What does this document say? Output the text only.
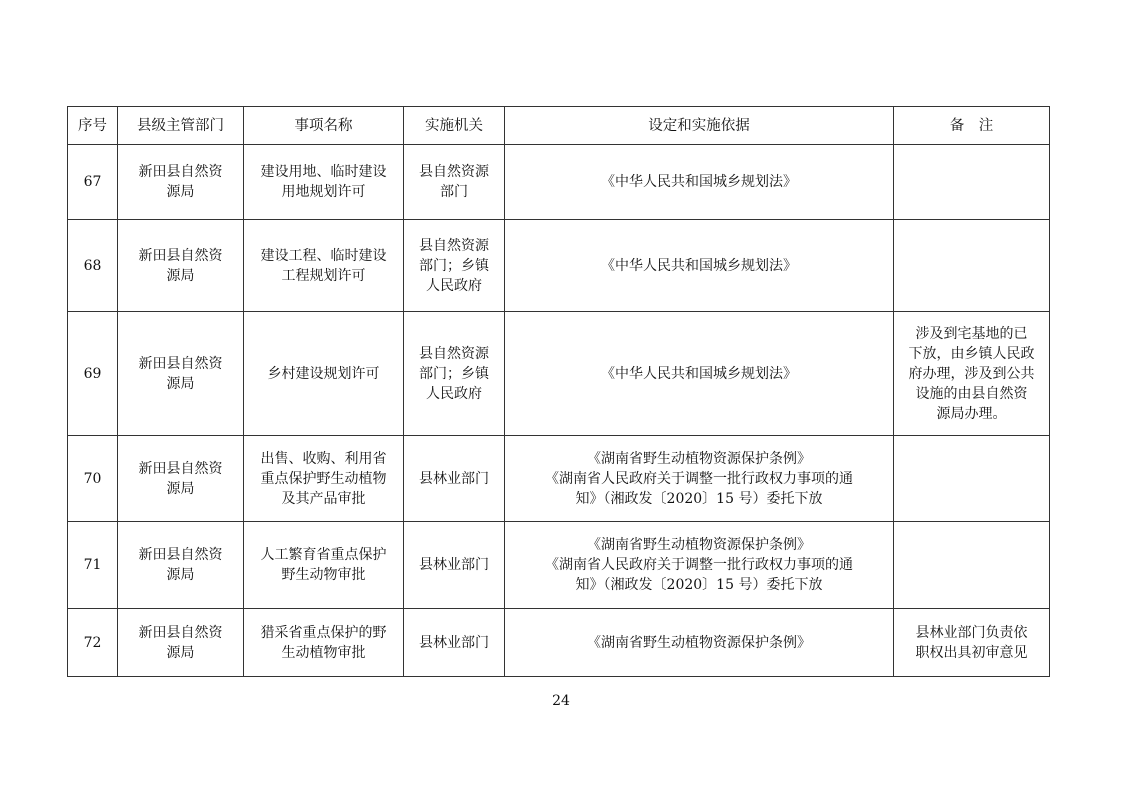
序号	县级主管部门	事项名称	实施机关	设定和实施依据	备　注
67	新田县自然资
源局	建设用地、临时建设
用地规划许可	县自然资源
部门	《中华人民共和国城乡规划法》	

68	新田县自然资
源局	建设工程、临时建设
工程规划许可	县自然资源
部门；乡镇
人民政府	《中华人民共和国城乡规划法》	

69	新田县自然资
源局	乡村建设规划许可	县自然资源
部门；乡镇
人民政府	《中华人民共和国城乡规划法》	涉及到宅基地的已
下放，由乡镇人民政
府办理，涉及到公共
设施的由县自然资
源局办理。

70	新田县自然资
源局	出售、收购、利用省
重点保护野生动植物
及其产品审批	县林业部门	《湖南省野生动植物资源保护条例》
《湖南省人民政府关于调整一批行政权力事项的通
知》（湘政发〔2020〕15 号）委托下放	

71	新田县自然资
源局	人工繁育省重点保护
野生动物审批	县林业部门	《湖南省野生动植物资源保护条例》
《湖南省人民政府关于调整一批行政权力事项的通
知》（湘政发〔2020〕15 号）委托下放	

72	新田县自然资
源局	猎采省重点保护的野
生动植物审批	县林业部门	《湖南省野生动植物资源保护条例》	县林业部门负责依
职权出具初审意见
24
